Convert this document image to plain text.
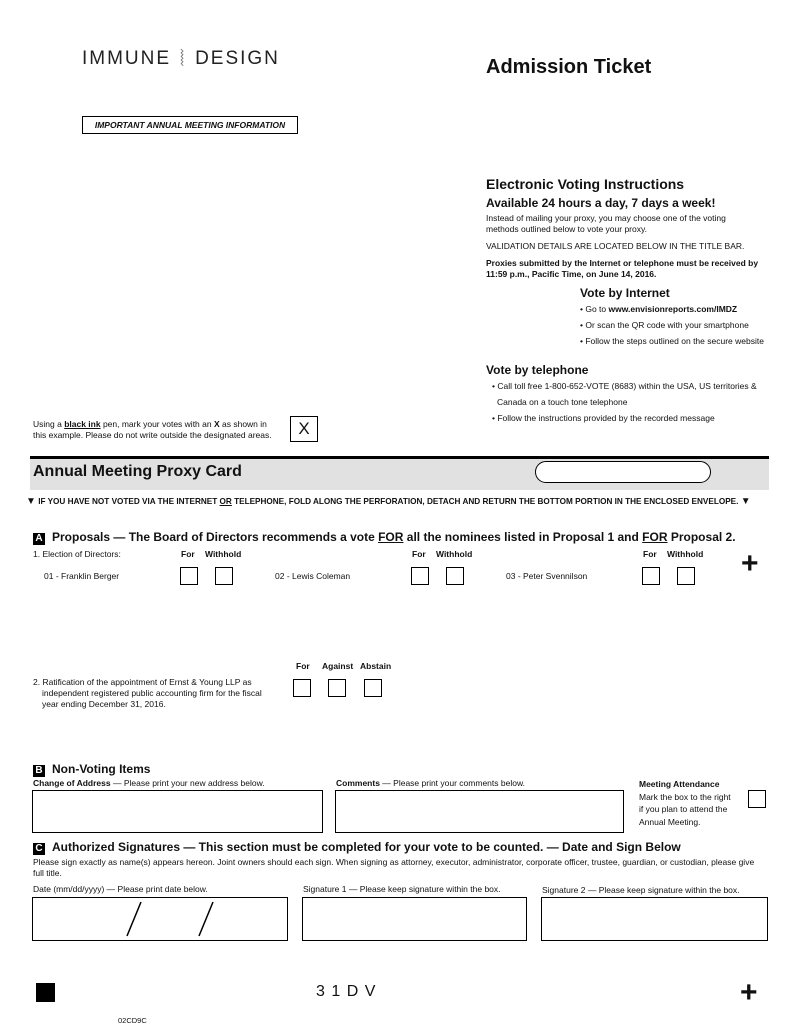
IMMUNE ⦚ DESIGN	Admission Ticket
IMPORTANT ANNUAL MEETING INFORMATION
Electronic Voting Instructions
Available 24 hours a day, 7 days a week!
Instead of mailing your proxy, you may choose one of the voting methods outlined below to vote your proxy.
VALIDATION DETAILS ARE LOCATED BELOW IN THE TITLE BAR.
Proxies submitted by the Internet or telephone must be received by 11:59 p.m., Pacific Time, on June 14, 2016.
Vote by Internet
• Go to www.envisionreports.com/IMDZ
• Or scan the QR code with your smartphone
• Follow the steps outlined on the secure website
Vote by telephone
• Call toll free 1-800-652-VOTE (8683) within the USA, US territories &
Canada on a touch tone telephone
• Follow the instructions provided by the recorded message
Using a black ink pen, mark your votes with an X as shown in
this example. Please do not write outside the designated areas.	X
Annual Meeting Proxy Card
▼ IF YOU HAVE NOT VOTED VIA THE INTERNET OR TELEPHONE, FOLD ALONG THE PERFORATION, DETACH AND RETURN THE BOTTOM PORTION IN THE ENCLOSED ENVELOPE. ▼
A Proposals — The Board of Directors recommends a vote FOR all the nominees listed in Proposal 1 and FOR Proposal 2.
1. Election of Directors:	For Withhold	For Withhold	For Withhold
01 - Franklin Berger	02 - Lewis Coleman	03 - Peter Svennilson	+
For Against Abstain
2. Ratification of the appointment of Ernst & Young LLP as
independent registered public accounting firm for the fiscal
year ending December 31, 2016.
B Non-Voting Items
Change of Address — Please print your new address below.	Comments — Please print your comments below.	Meeting Attendance
Mark the box to the right
if you plan to attend the
Annual Meeting.
C Authorized Signatures — This section must be completed for your vote to be counted. — Date and Sign Below
Please sign exactly as name(s) appears hereon. Joint owners should each sign. When signing as attorney, executor, administrator, corporate officer, trustee, guardian, or custodian, please give
full title.
Date (mm/dd/yyyy) — Please print date below.	Signature 1 — Please keep signature within the box.	Signature 2 — Please keep signature within the box.
3 1 D V	+
02CD9C
